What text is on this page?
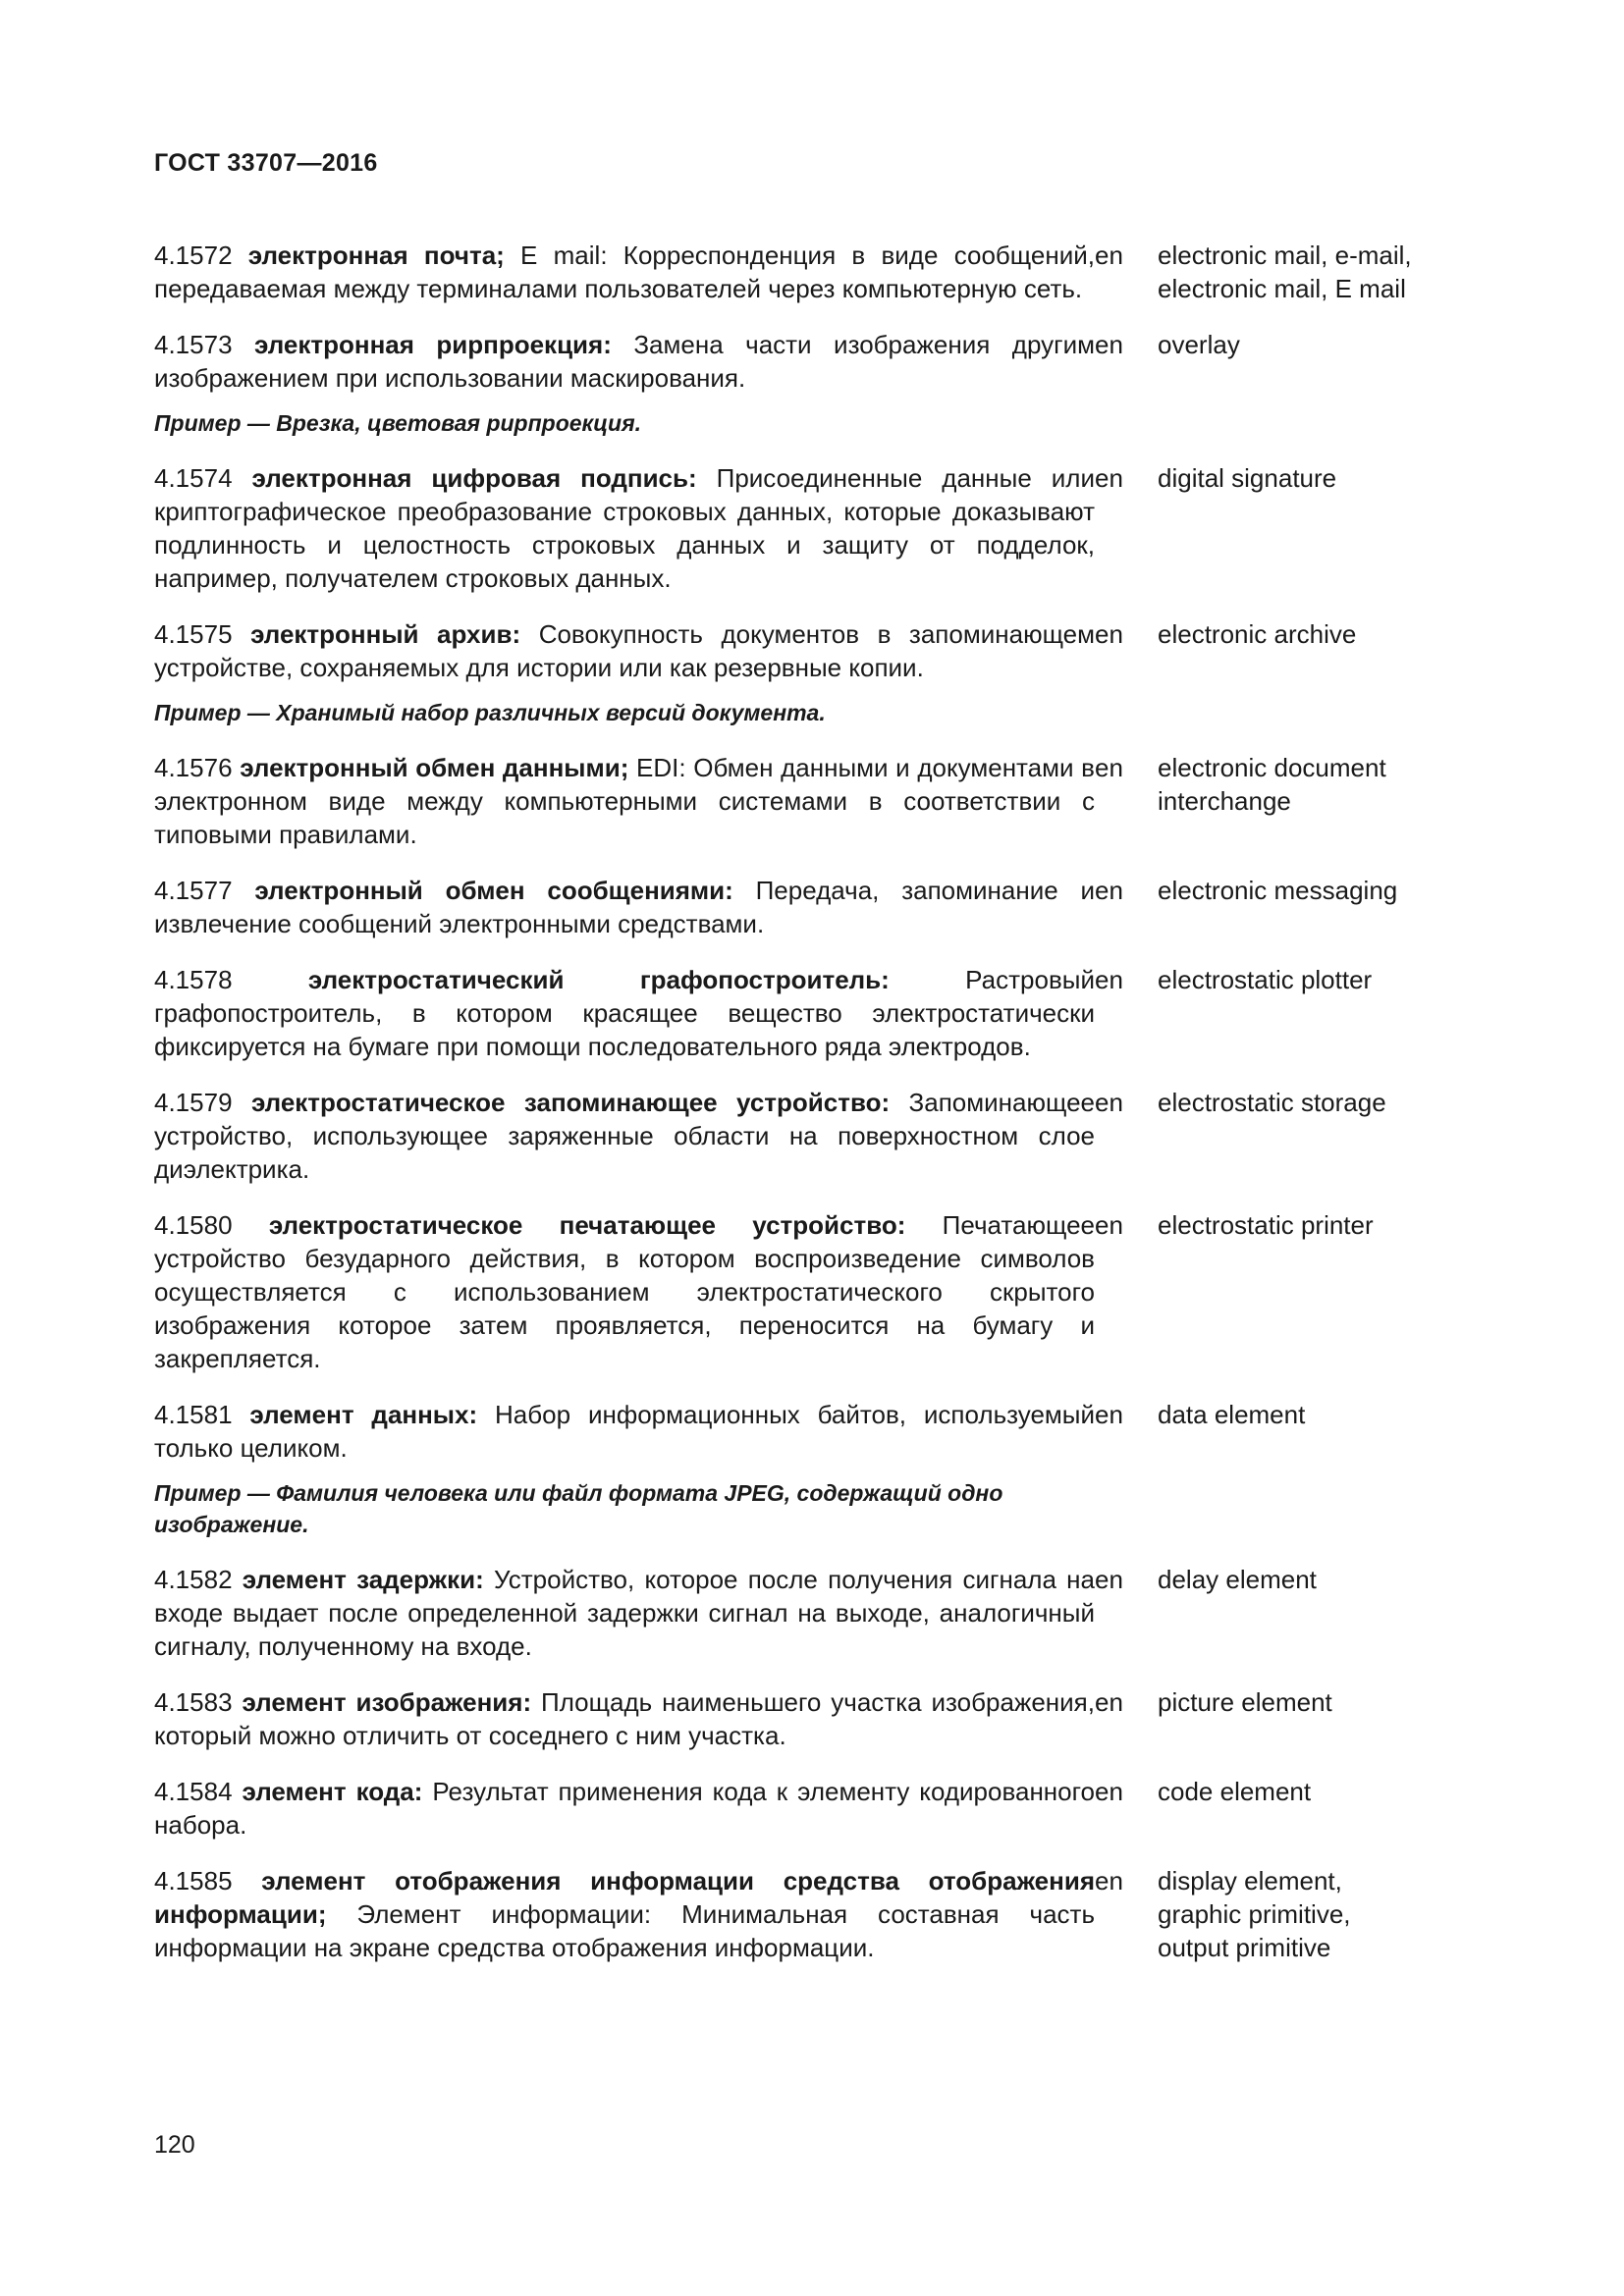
ГОСТ 33707—2016
4.1572 электронная почта; E mail: Корреспонденция в виде сообщений, передаваемая между терминалами пользователей через компьютерную сеть.
en	electronic mail, e-mail,
electronic mail, E mail
4.1573 электронная рирпроекция: Замена части изображения другим изображением при использовании маскирования.
en	overlay
Пример — Врезка, цветовая рирпроекция.
4.1574 электронная цифровая подпись: Присоединенные данные или криптографическое преобразование строковых данных, которые доказывают подлинность и целостность строковых данных и защиту от подделок, например, получателем строковых данных.
en	digital signature
4.1575 электронный архив: Совокупность документов в запоминающем устройстве, сохраняемых для истории или как резервные копии.
en	electronic archive
Пример — Хранимый набор различных версий документа.
4.1576 электронный обмен данными; EDI: Обмен данными и документами в электронном виде между компьютерными системами в соответствии с типовыми правилами.
en	electronic document
interchange
4.1577 электронный обмен сообщениями: Передача, запоминание и извлечение сообщений электронными средствами.
en	electronic messaging
4.1578	электростатический графопостроитель: Растровый графопостроитель, в котором красящее вещество электростатически фиксируется на бумаге при помощи последовательного ряда электродов.
en	electrostatic plotter
4.1579 электростатическое запоминающее устройство: Запоминающее устройство, использующее заряженные области на поверхностном слое диэлектрика.
en	electrostatic storage
4.1580 электростатическое печатающее устройство: Печатающее устройство безударного действия, в котором воспроизведение символов осуществляется с использованием электростатического скрытого изображения которое затем проявляется, переносится на бумагу и закрепляется.
en	electrostatic printer
4.1581 элемент данных: Набор информационных байтов, используемый только целиком.
en	data element
Пример — Фамилия человека или файл формата JPEG, содержащий одно изображение.
4.1582 элемент задержки: Устройство, которое после получения сигнала на входе выдает после определенной задержки сигнал на выходе, аналогичный сигналу, полученному на входе.
en	delay element
4.1583 элемент изображения: Площадь наименьшего участка изображения, который можно отличить от соседнего с ним участка.
en	picture element
4.1584 элемент кода: Результат применения кода к элементу кодированного набора.
en	code element
4.1585 элемент отображения информации средства отображения информации; Элемент информации: Минимальная составная часть информации на экране средства отображения информации.
en	display element,
graphic primitive,
output primitive
120
